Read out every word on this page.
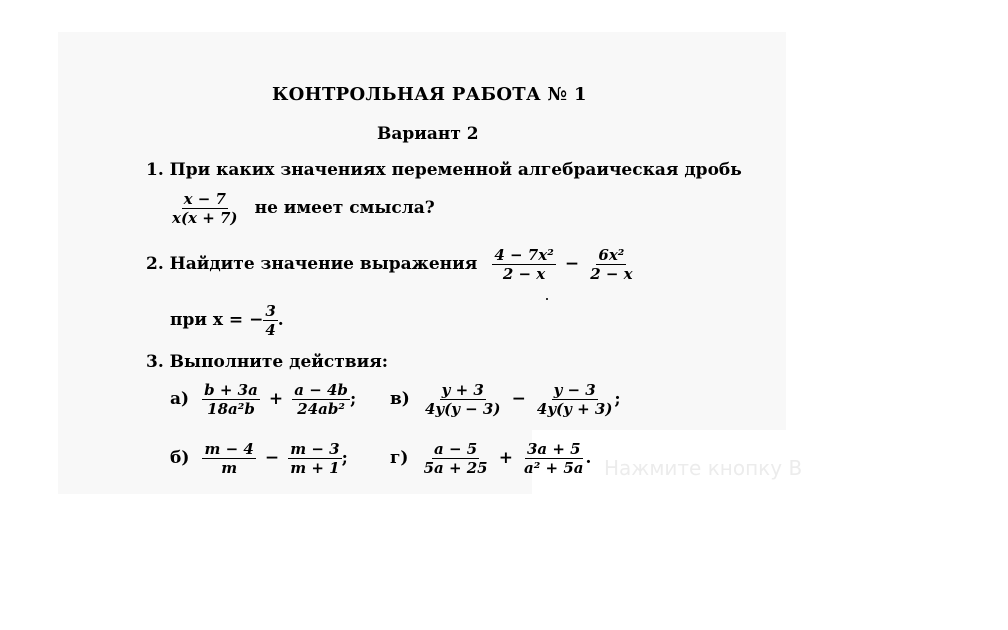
КОНТРОЛЬНАЯ РАБОТА № 1
Вариант 2
1. При каких значениях переменной алгебраическая дробь
$\frac{x - 7}{x(x + 7)}$ не имеет смысла?
2. Найдите значение выражения $\frac{\text{4 − 7x²}}{2 - x} - \frac{\text{6x²}}{2 - x}$
при x = − $\frac{3}{4}$ .
3. Выполните действия:
$а) \frac{b + 3a}{\text{18a²b}} + \frac{a - 4b}{\text{24ab²}}$ ; $в) \frac{y + 3}{4y(y - 3)} - \frac{y - 3}{4y(y + 3)}$ ;
$б) \frac{m - 4}{m} - \frac{m - 3}{m + 1}$ ;	Нажмите кнопку В
$г) \frac{a - 5}{5a + 25} + \frac{3a + 5}{\text{a² + 5a}}$ .
